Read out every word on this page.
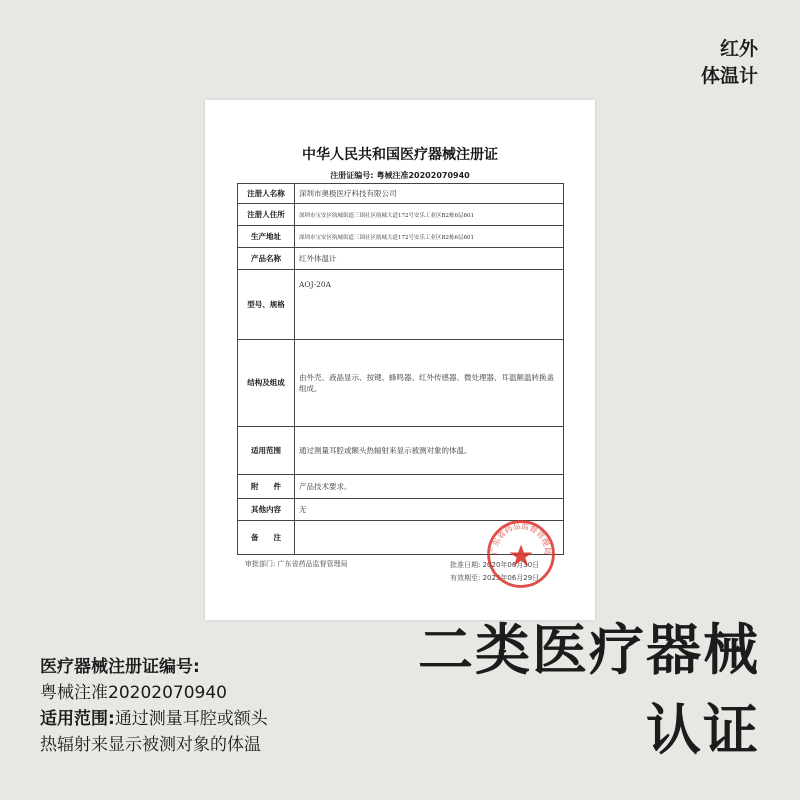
红外
体温计
中华人民共和国医疗器械注册证
注册证编号: 粤械注准20202070940
注册人名称	深圳市奥极医疗科技有限公司
注册人住所	深圳市宝安区航城街道三围社区航城大道172号安乐工业区B2栋6层601
生产地址	深圳市宝安区航城街道三围社区航城大道172号安乐工业区B2栋6层601
产品名称	红外体温计
型号、规格	AOJ-20A
结构及组成	由外壳、液晶显示、按键、蜂鸣器、红外传感器、微处理器、耳温额温转换盖组成。
适用范围	通过测量耳腔或额头热辐射来显示被测对象的体温。
附　　件	产品技术要求。
其他内容	无
备　　注	
审批部门: 广东省药品监督管理局	批准日期: 2020年06月30日
有效期至: 2025年06月29日
广东省药品监督管理局
医疗器械注册证编号:
粤械注准20202070940
适用范围:通过测量耳腔或额头
热辐射来显示被测对象的体温
二类医疗器械
认证
